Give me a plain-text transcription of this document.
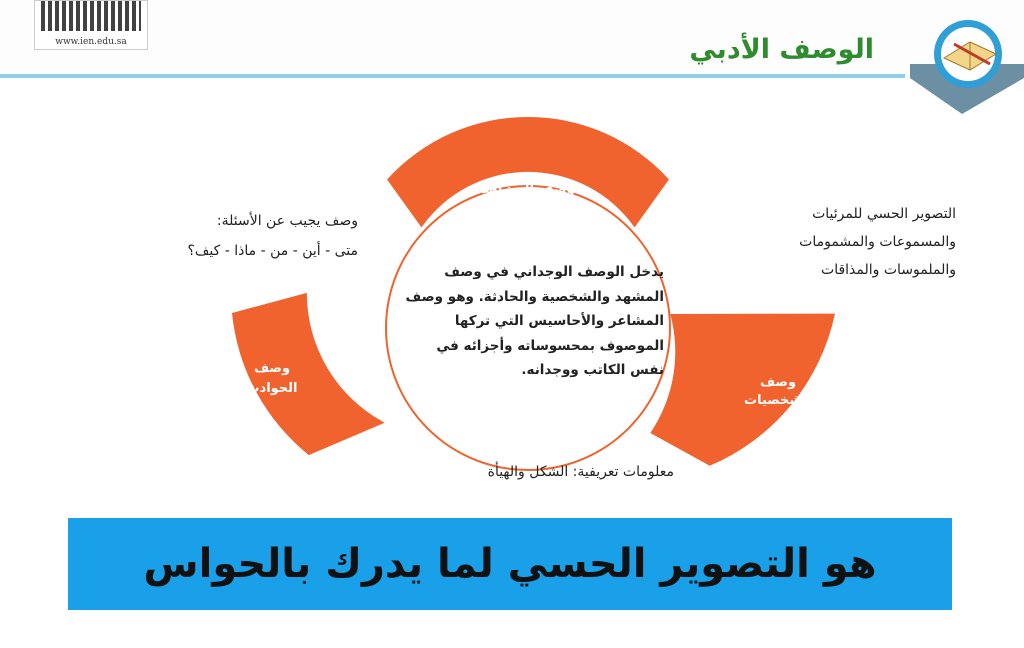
www.ien.edu.sa	الوصف الأدبي
وصف المشاهد
وصف
الشخصيات
وصف
الحوادث
التصوير الحسي للمرئيات
والمسموعات والمشمومات
والملموسات والمذاقات
وصف يجيب عن الأسئلة:
متى - أين - من - ماذا - كيف؟
يدخل الوصف الوجداني في وصف المشهد والشخصية والحادثة. وهو وصف المشاعر والأحاسيس التي تركها الموصوف بمحسوساته وأجزائه في نفس الكاتب ووجدانه.
معلومات تعريفية: الشكل والهيأة
هو التصوير الحسي لما يدرك بالحواس
